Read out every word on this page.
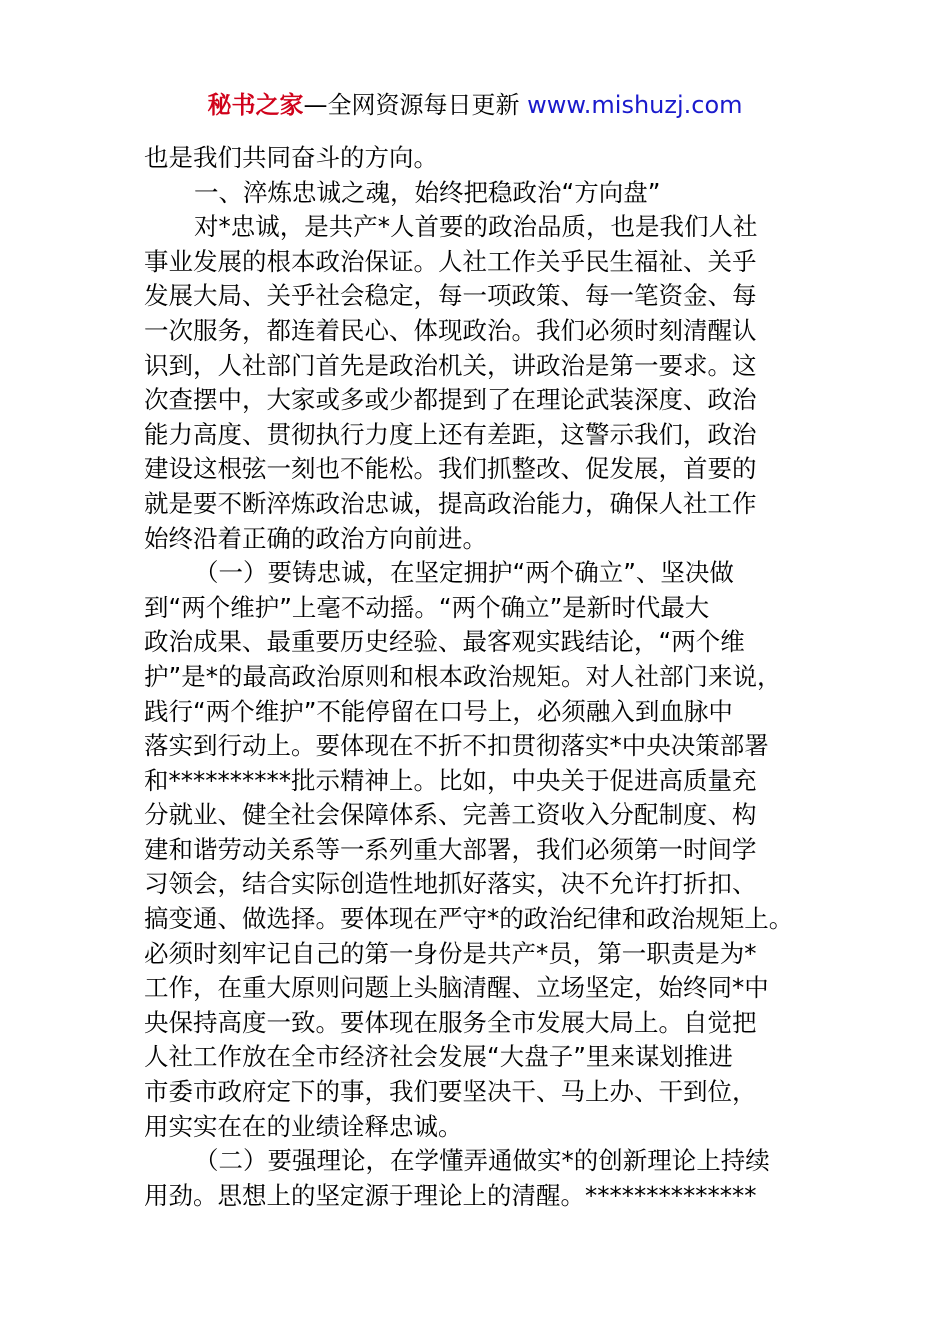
秘书之家—全网资源每日更新 www.mishuzj.com
也是我们共同奋斗的方向。
一、淬炼忠诚之魂，始终把稳政治“方向盘”
对*忠诚，是共产*人首要的政治品质，也是我们人社
事业发展的根本政治保证。人社工作关乎民生福祉、关乎
发展大局、关乎社会稳定，每一项政策、每一笔资金、每
一次服务，都连着民心、体现政治。我们必须时刻清醒认
识到，人社部门首先是政治机关，讲政治是第一要求。这
次查摆中，大家或多或少都提到了在理论武装深度、政治
能力高度、贯彻执行力度上还有差距，这警示我们，政治
建设这根弦一刻也不能松。我们抓整改、促发展，首要的
就是要不断淬炼政治忠诚，提高政治能力，确保人社工作
始终沿着正确的政治方向前进。
（一）要铸忠诚，在坚定拥护“两个确立”、坚决做
到“两个维护”上毫不动摇。“两个确立”是新时代最大
政治成果、最重要历史经验、最客观实践结论，“两个维
护”是*的最高政治原则和根本政治规矩。对人社部门来说，
践行“两个维护”不能停留在口号上，必须融入到血脉中
落实到行动上。要体现在不折不扣贯彻落实*中央决策部署
和**********批示精神上。比如，中央关于促进高质量充
分就业、健全社会保障体系、完善工资收入分配制度、构
建和谐劳动关系等一系列重大部署，我们必须第一时间学
习领会，结合实际创造性地抓好落实，决不允许打折扣、
搞变通、做选择。要体现在严守*的政治纪律和政治规矩上。
必须时刻牢记自己的第一身份是共产*员，第一职责是为*
工作，在重大原则问题上头脑清醒、立场坚定，始终同*中
央保持高度一致。要体现在服务全市发展大局上。自觉把
人社工作放在全市经济社会发展“大盘子”里来谋划推进
市委市政府定下的事，我们要坚决干、马上办、干到位，
用实实在在的业绩诠释忠诚。
（二）要强理论，在学懂弄通做实*的创新理论上持续
用劲。思想上的坚定源于理论上的清醒。**************
